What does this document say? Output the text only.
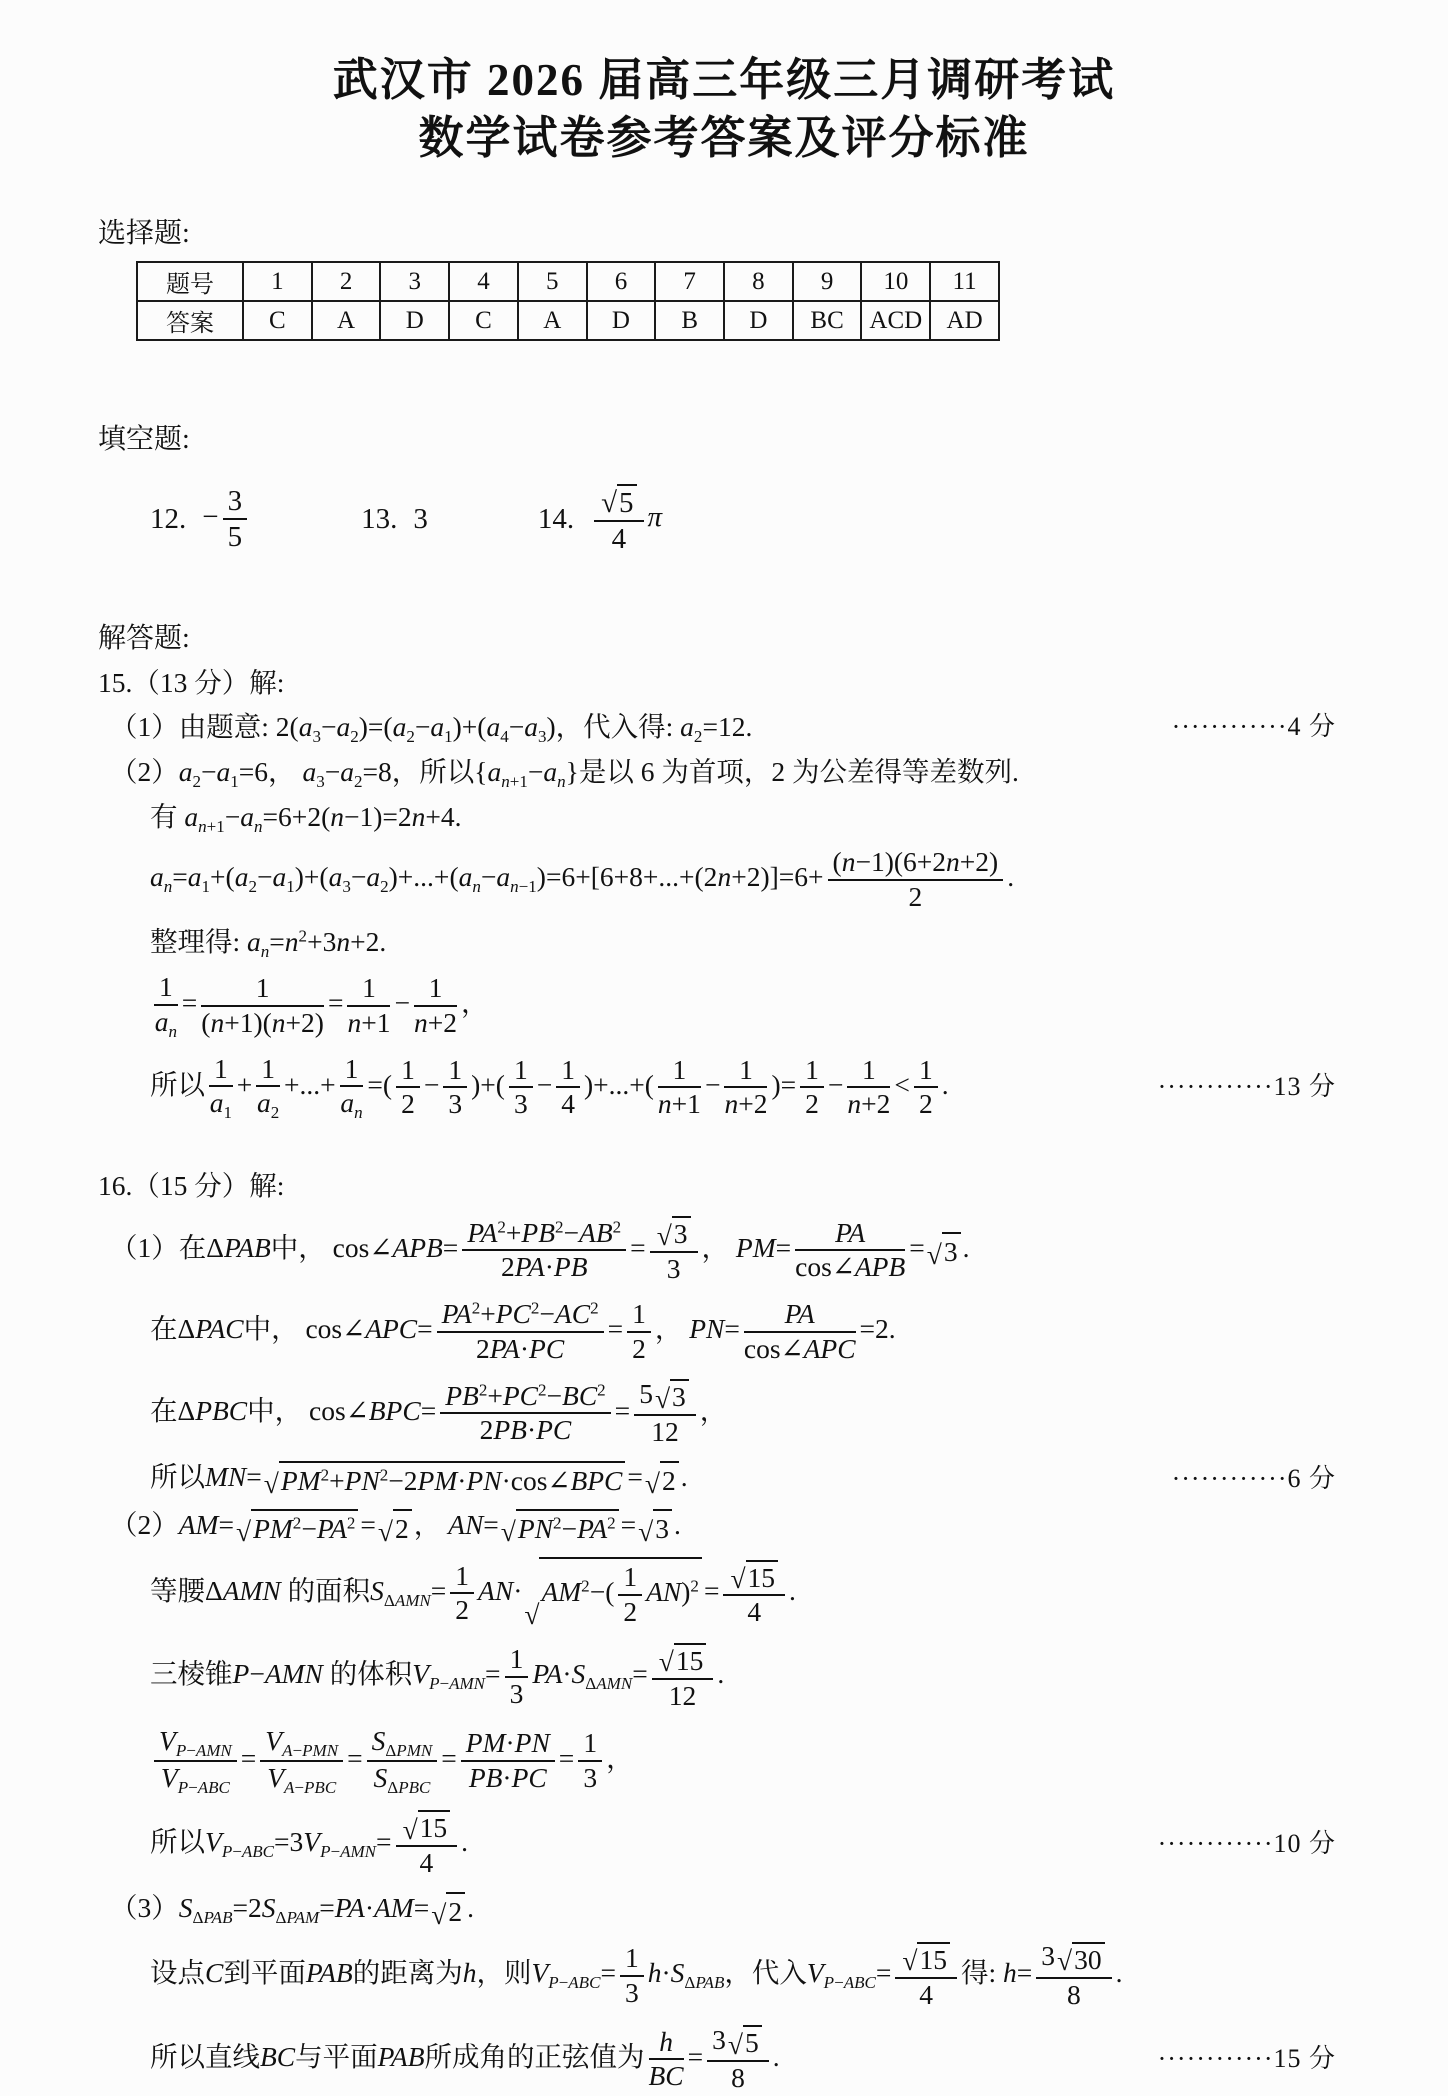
武汉市 2026 届高三年级三月调研考试
数学试卷参考答案及评分标准
选择题:
题号	1	2	3	4	5	6	7	8	9	10	11
答案	C	A	D	C	A	D	B	D	BC	ACD	AD
填空题:
12. − $\frac{3}{5}$	13. 3	14. $\frac{√ 5}{4}$ π
解答题:
15.（13 分）解:
（1）由题意: $2(a_3-a_2)=(a_2-a_1)+(a_4-a_3)$，代入得: $a_2=12$.	············4 分
$(2)a_2-a_1=6$， $a_3-a_2=8$，所以$\{a_{n+1}-a_n\}$是以 6 为首项，2 为公差得等差数列.
有 $a_{n+1}-a_n=6+2(n-1)=2n+4$.
$a_n=a_1+(a_2-a_1)+(a_3-a_2)+...+(a_n-a_{n-1})=6+[6+8+...+(2n+2)]=6+ \frac{(n-1)(6+2n+2)}{2}$ .
整理得: $a_n=n^2+3n+2$.
$\frac{1}{a_n} = \frac{1}{(n+1)(n+2)} = \frac{1}{n+1} - \frac{1}{n+2}$ ，
所以 $\frac{1}{a_1} + \frac{1}{a_2}$ +...+ $\frac{1}{a_n}$ =( $\frac{1}{2} - \frac{1}{3}$ )+( $\frac{1}{3} - \frac{1}{4}$ )+...+( $\frac{1}{n+1} - \frac{1}{n+2}$ )= $\frac{1}{2} - \frac{1}{n+2} < \frac{1}{2}$ .	············13 分
16.（15 分）解:
（1）在ΔPAB中， cos∠APB= $\frac{PA^2+PB^2-AB^2}{2PA\cdot PB} = \frac{√ 3}{3}$ ， PM=	PA
cos∠APB
= √ 3 .
在ΔPAC中， cos∠APC= $\frac{PA^2+PC^2-AC^2}{2PA\cdot PC} = \frac{1}{2}$ ， PN=	PA
cos∠APC
=2.
在ΔPBC中， cos∠BPC= $\frac{PB^2+PC^2-BC^2}{2PB\cdot PC} = \frac{5 √ 3}{12}$ ，
所以MN= √ $PM^2+PN^2-2PM\cdot PN\cdot\cos\angle BPC$ = √ 2 .	············6 分
（2）AM= √ $PM^2-PA^2$ = √ 2 ， AN= √ $PN^2-PA^2$ = √ 3 .
等腰ΔAMN 的面积$S_{\Delta AMN}= \frac{1}{2} AN\cdot$
√
$AM^2-( \frac{1}{2} AN)^2 = \frac{√ 15}{4}$ .
三棱锥P−AMN 的体积$V_{P-AMN}= \frac{1}{3} PA\cdot S_{\Delta AMN}= \frac{√ 15}{12}$ .
$V_{P-AMN}$
$V_{P-ABC}$
=
$V_{A-PMN}$
$V_{A-PBC}$
=
$S_{\Delta PMN}$
$S_{\Delta PBC}$
= $\frac{PM\cdot PN}{PB\cdot PC} = \frac{1}{3}$ ，
所以$V_{P-ABC}=3V_{P-AMN}= \frac{√ 15}{4}$ .	············10 分
$(3)S_{\Delta PAB}=2S_{\Delta PAM}=PA\cdot AM=$ √ 2 .
设点C到平面PAB的距离为h，则$V_{P-ABC}= \frac{1}{3} h\cdot S_{\Delta PAB}$，代入$V_{P-ABC}= \frac{√ 15}{4}$ 得: $h= \frac{3 √ 30}{8}$ .
所以直线BC与平面PAB所成角的正弦值为 $\frac{h}{BC} = \frac{3 √ 5}{8}$ .	············15 分
